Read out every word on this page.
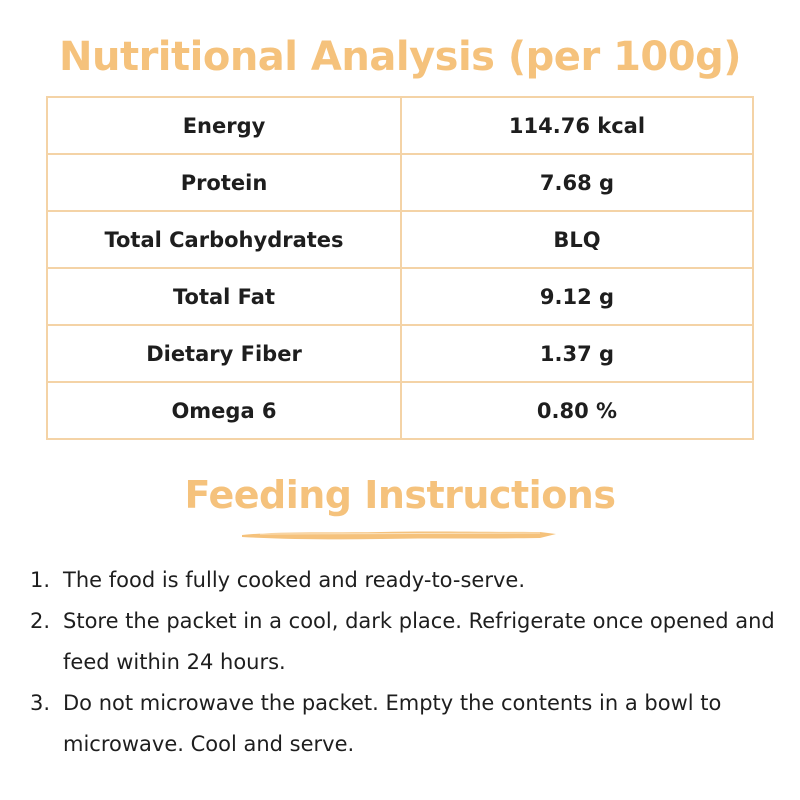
Nutritional Analysis (per 100g)
Energy	114.76 kcal
Protein	7.68 g
Total Carbohydrates	BLQ
Total Fat	9.12 g
Dietary Fiber	1.37 g
Omega 6	0.80 %
Feeding Instructions
1. The food is fully cooked and ready-to-serve.
2. Store the packet in a cool, dark place. Refrigerate once opened and feed within 24 hours.
3. Do not microwave the packet. Empty the contents in a bowl to microwave. Cool and serve.
